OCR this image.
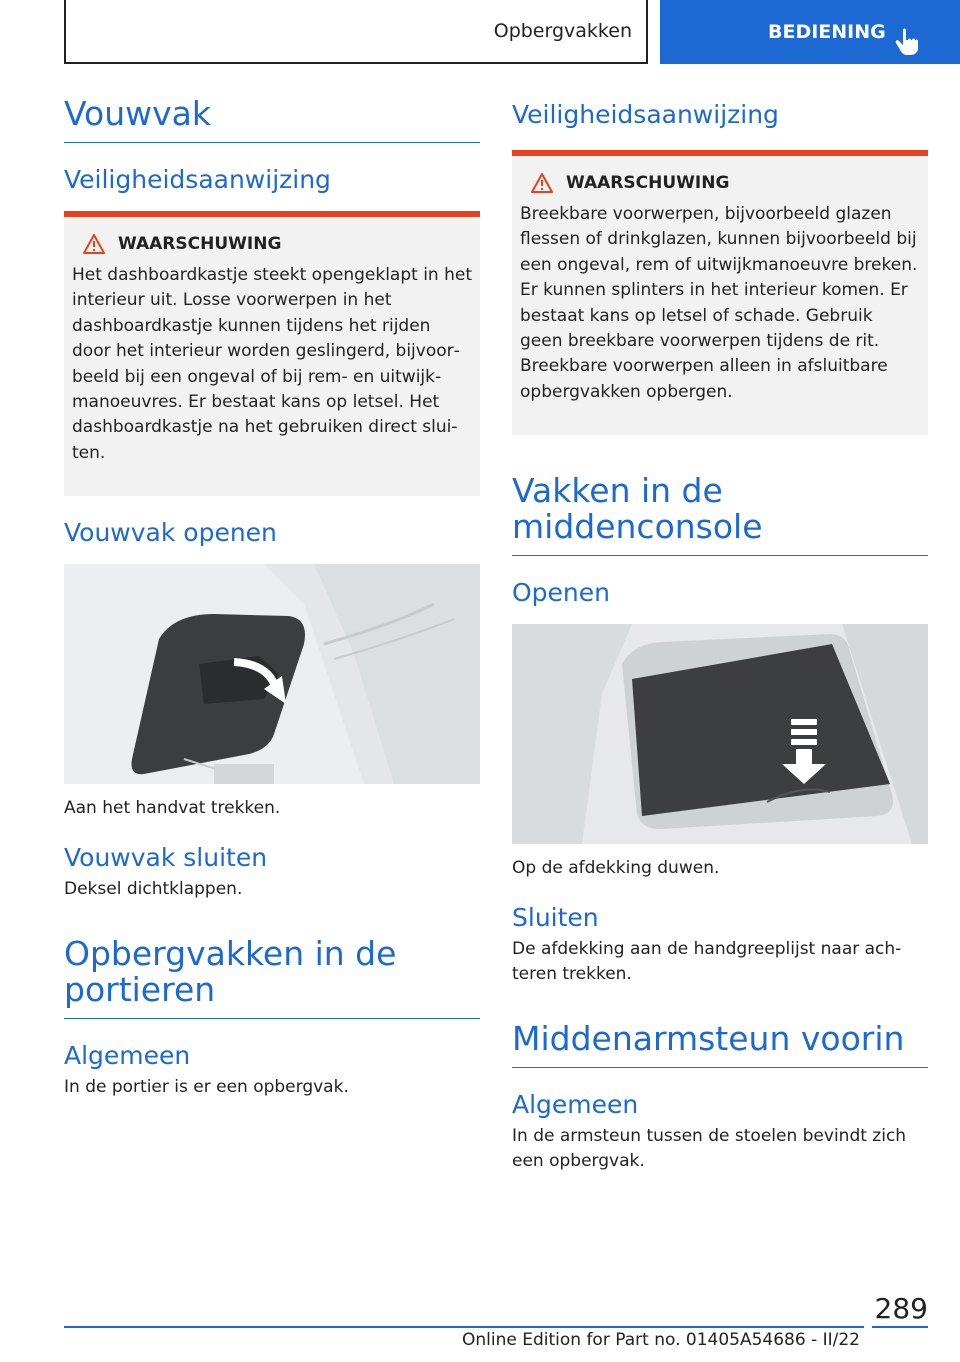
Opbergvakken	BEDIENING
Vouwvak
Veiligheidsaanwijzing
WAARSCHUWING

Het dashboardkastje steekt opengeklapt in het interieur uit. Losse voorwerpen in het dashboardkastje kunnen tijdens het rijden door het interieur worden geslingerd, bijvoorbeeld bij een ongeval of bij rem- en uitwijkmanoeuvres. Er bestaat kans op letsel. Het dashboardkastje na het gebruiken direct sluiten.

Vouwvak openen

Aan het handvat trekken.

Vouwvak sluiten

Deksel dichtklappen.

Opbergvakken in de portieren
Algemeen

In de portier is er een opbergvak.

Veiligheidsaanwijzing
WAARSCHUWING

Breekbare voorwerpen, bijvoorbeeld glazen flessen of drinkglazen, kunnen bijvoorbeeld bij een ongeval, rem of uitwijkmanoeuvre breken. Er kunnen splinters in het interieur komen. Er bestaat kans op letsel of schade. Gebruik geen breekbare voorwerpen tijdens de rit. Breekbare voorwerpen alleen in afsluitbare opbergvakken opbergen.

Vakken in de middenconsole
Openen

Op de afdekking duwen.

Sluiten

De afdekking aan de handgreeplijst naar achteren trekken.

Middenarmsteun voorin
Algemeen

In de armsteun tussen de stoelen bevindt zich een opbergvak.

289
Online Edition for Part no. 01405A54686 - II/22
